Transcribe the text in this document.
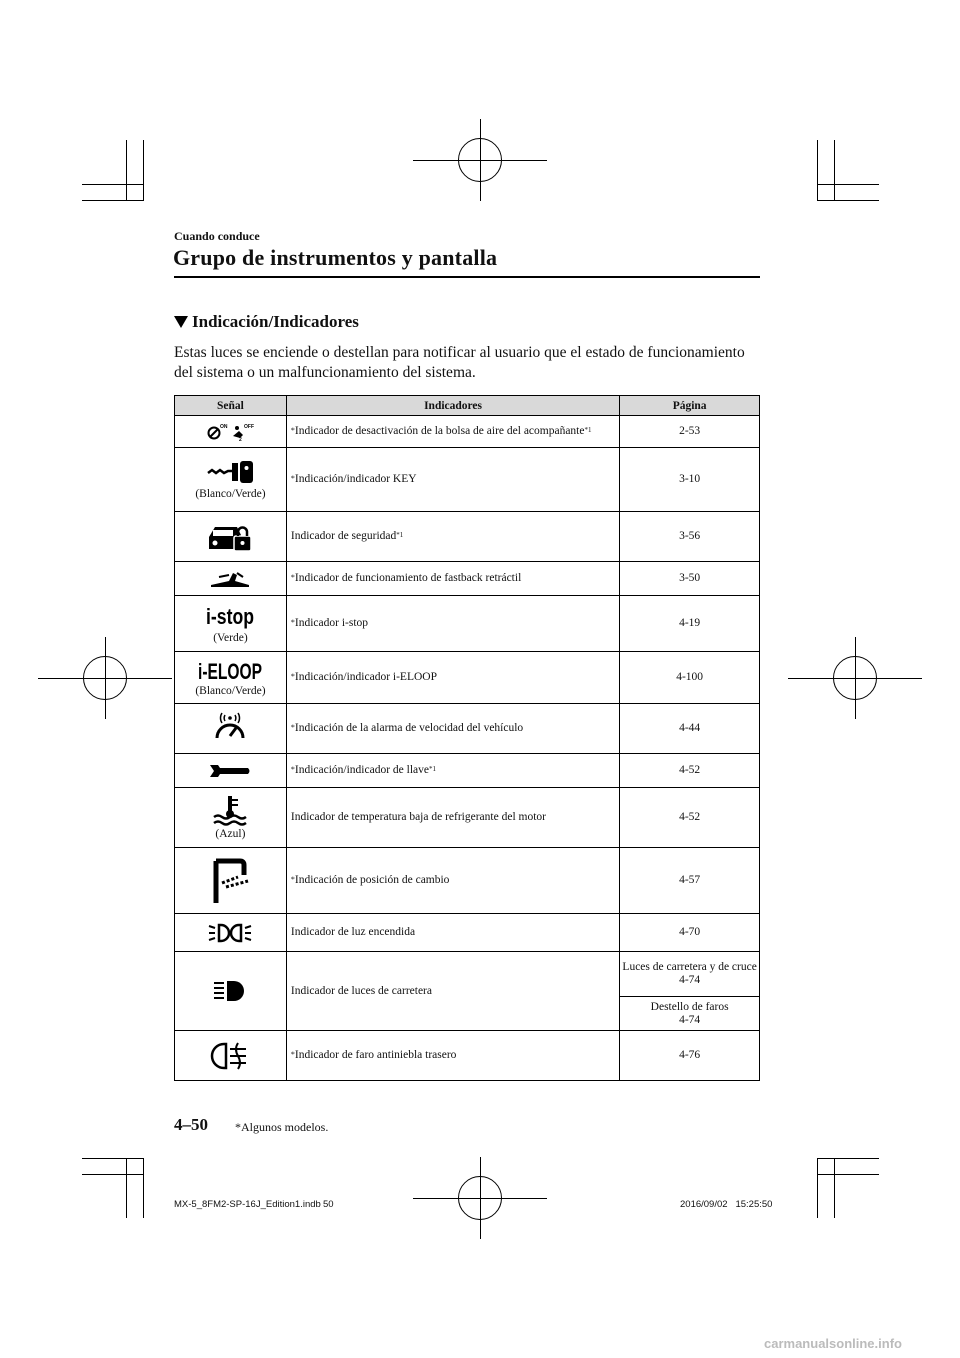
Cuando conduce
Grupo de instrumentos y pantalla
Indicación/Indicadores

Estas luces se enciende o destellan para notificar al usuario que el estado de funcionamiento del sistema o un malfuncionamiento del sistema.

Señal	Indicadores	Página

ON OFF
2	*Indicador de desactivación de la bolsa de aire del acompañante$^{*1}$	2-53

(Blanco/Verde)	*Indicación/indicador KEY	3-10

	Indicador de seguridad$^{*1}$	3-56

	*Indicador de funcionamiento de fastback retráctil	3-50

i-stop
(Verde)	*Indicador i-stop	4-19

i-ELOOP
(Blanco/Verde)	*Indicación/indicador i-ELOOP	4-100

	*Indicación de la alarma de velocidad del vehículo	4-44

	*Indicación/indicador de llave$^{*1}$	4-52

(Azul)	Indicador de temperatura baja de refrigerante del motor	4-52

	*Indicación de posición de cambio	4-57

	Indicador de luz encendida	4-70

	Indicador de luces de carretera	Luces de carretera y de cruce
4-74
		Destello de faros
4-74

	*Indicador de faro antiniebla trasero	4-76
4–50 *Algunos modelos.
MX-5_8FM2-SP-16J_Edition1.indb 50	2016/09/02   15:25:50
carmanualsonline.info
